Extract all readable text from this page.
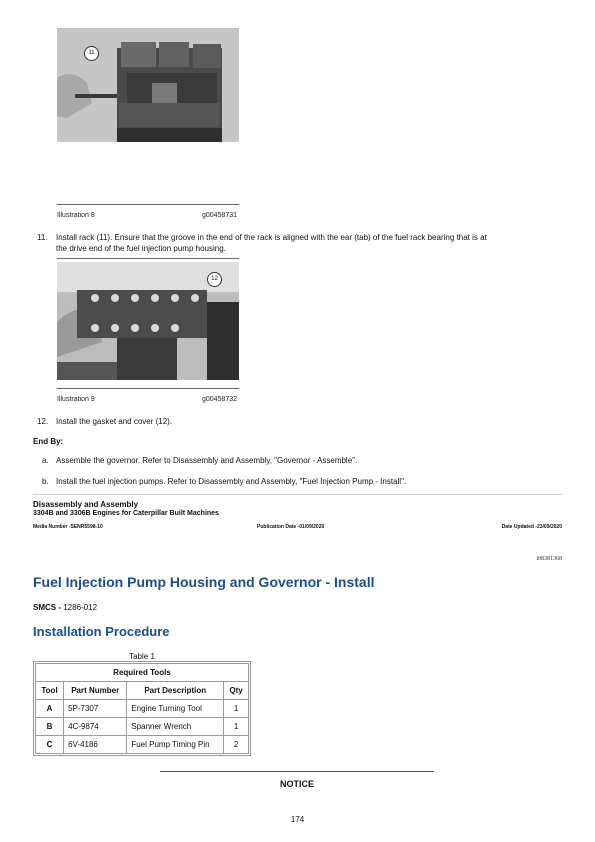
11
Illustration 8	g00458731
11. Install rack (11). Ensure that the groove in the end of the rack is aligned with the ear (tab) of the fuel rack bearing that is at
the drive end of the fuel injection pump housing.
12
Illustration 9	g00458732
12. Install the gasket and cover (12).
End By:
a. Assemble the governor. Refer to Disassembly and Assembly, "Governor - Assemble".
b. Install the fuel injection pumps. Refer to Disassembly and Assembly, "Fuel Injection Pump - Install".
Disassembly and Assembly
3304B and 3306B Engines for Caterpillar Built Machines
Media Number -SENR5598-10	Publication Date -01/09/2020	Date Updated -23/09/2020
i08381368
Fuel Injection Pump Housing and Governor - Install
SMCS - 1286-012
Installation Procedure
Table 1
Required Tools			
Tool	Part Number	Part Description	Qty
A	5P-7307	Engine Turning Tool	1
B	4C-9874	Spanner Wrench	1
C	6V-4186	Fuel Pump Timing Pin	2
NOTICE
174
